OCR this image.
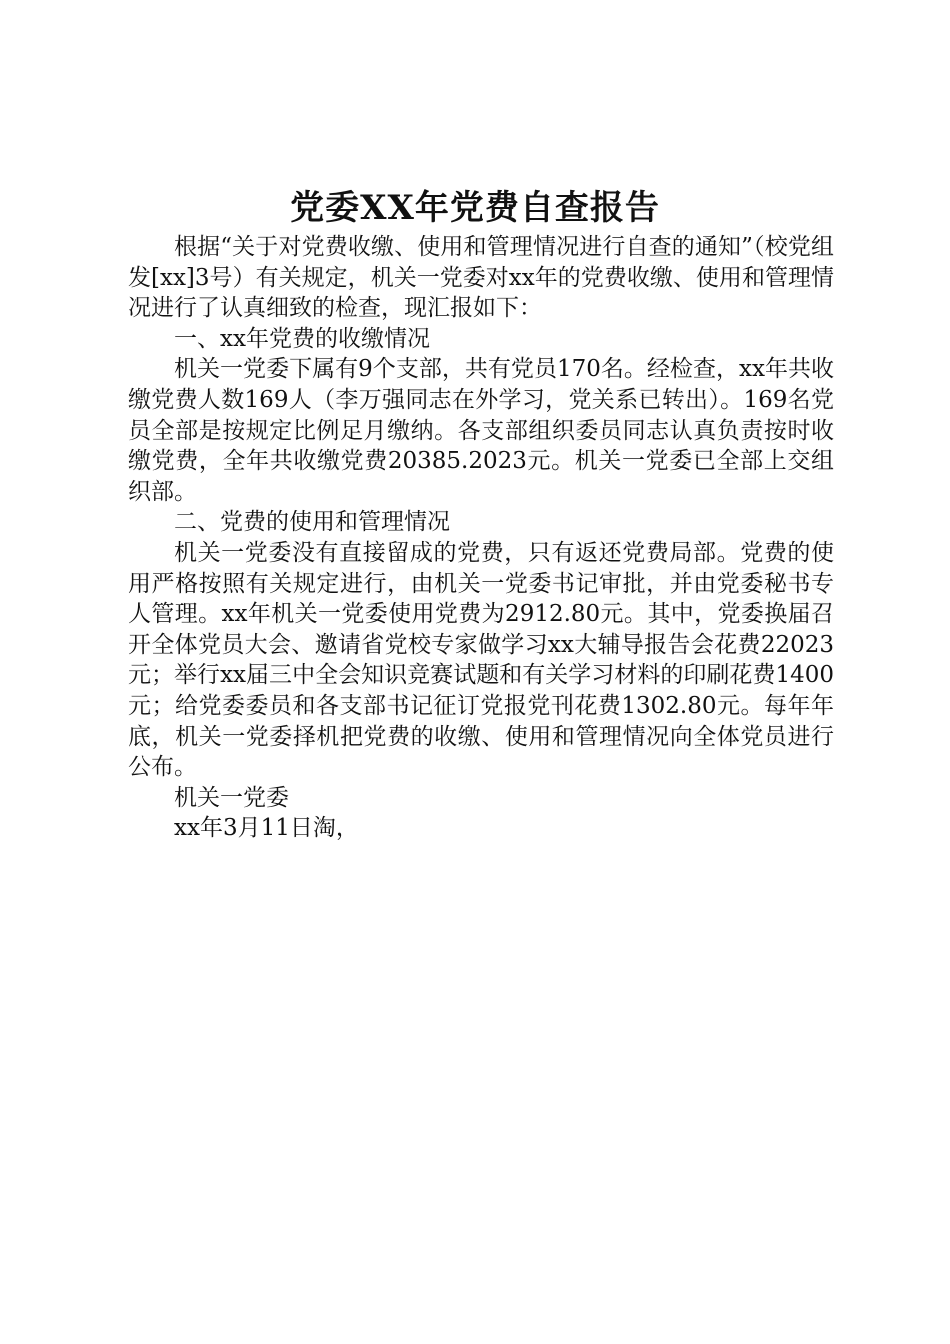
党委XX年党费自查报告

根据“关于对党费收缴、使用和管理情况进行自查的通知”（校党组发[xx]3号）有关规定，机关一党委对xx年的党费收缴、使用和管理情况进行了认真细致的检查，现汇报如下：

一、xx年党费的收缴情况

机关一党委下属有9个支部，共有党员170名。经检查，xx年共收缴党费人数169人（李万强同志在外学习，党关系已转出）。169名党员全部是按规定比例足月缴纳。各支部组织委员同志认真负责按时收缴党费，全年共收缴党费20385.2023元。机关一党委已全部上交组织部。

二、党费的使用和管理情况

机关一党委没有直接留成的党费，只有返还党费局部。党费的使用严格按照有关规定进行，由机关一党委书记审批，并由党委秘书专人管理。xx年机关一党委使用党费为2912.80元。其中，党委换届召开全体党员大会、邀请省党校专家做学习xx大辅导报告会花费22023元；举行xx届三中全会知识竞赛试题和有关学习材料的印刷花费1400元；给党委委员和各支部书记征订党报党刊花费1302.80元。每年年底，机关一党委择机把党费的收缴、使用和管理情况向全体党员进行公布。

机关一党委

xx年3月11日淘，
